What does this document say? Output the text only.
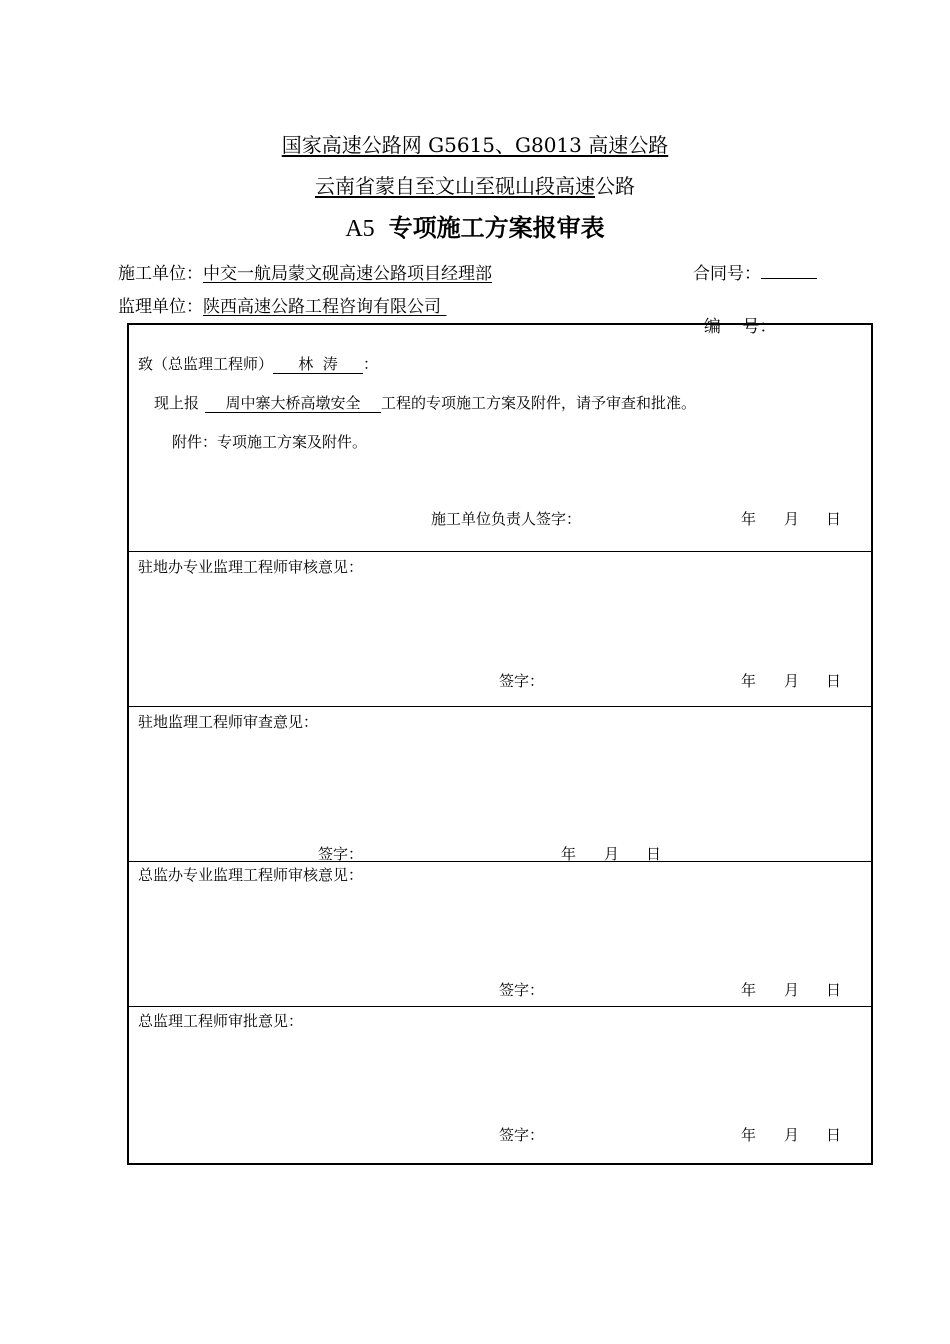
国家高速公路网 G5615、G8013 高速公路
云南省蒙自至文山至砚山段高速公路
A5 专项施工方案报审表
施工单位：中交一航局蒙文砚高速公路项目经理部	合同号：
监理单位：陕西高速公路工程咨询有限公司

编    号：

致（总监理工程师） 林  涛 ：
现上报 周中寨大桥高墩安全 工程的专项施工方案及附件，请予审查和批准。
附件：专项施工方案及附件。
施工单位负责人签字：	年 月 日
驻地办专业监理工程师审核意见：
签字：	年 月 日
驻地监理工程师审查意见：
签字：	年 月 日
总监办专业监理工程师审核意见：
签字：	年 月 日
总监理工程师审批意见：
签字：	年 月 日
